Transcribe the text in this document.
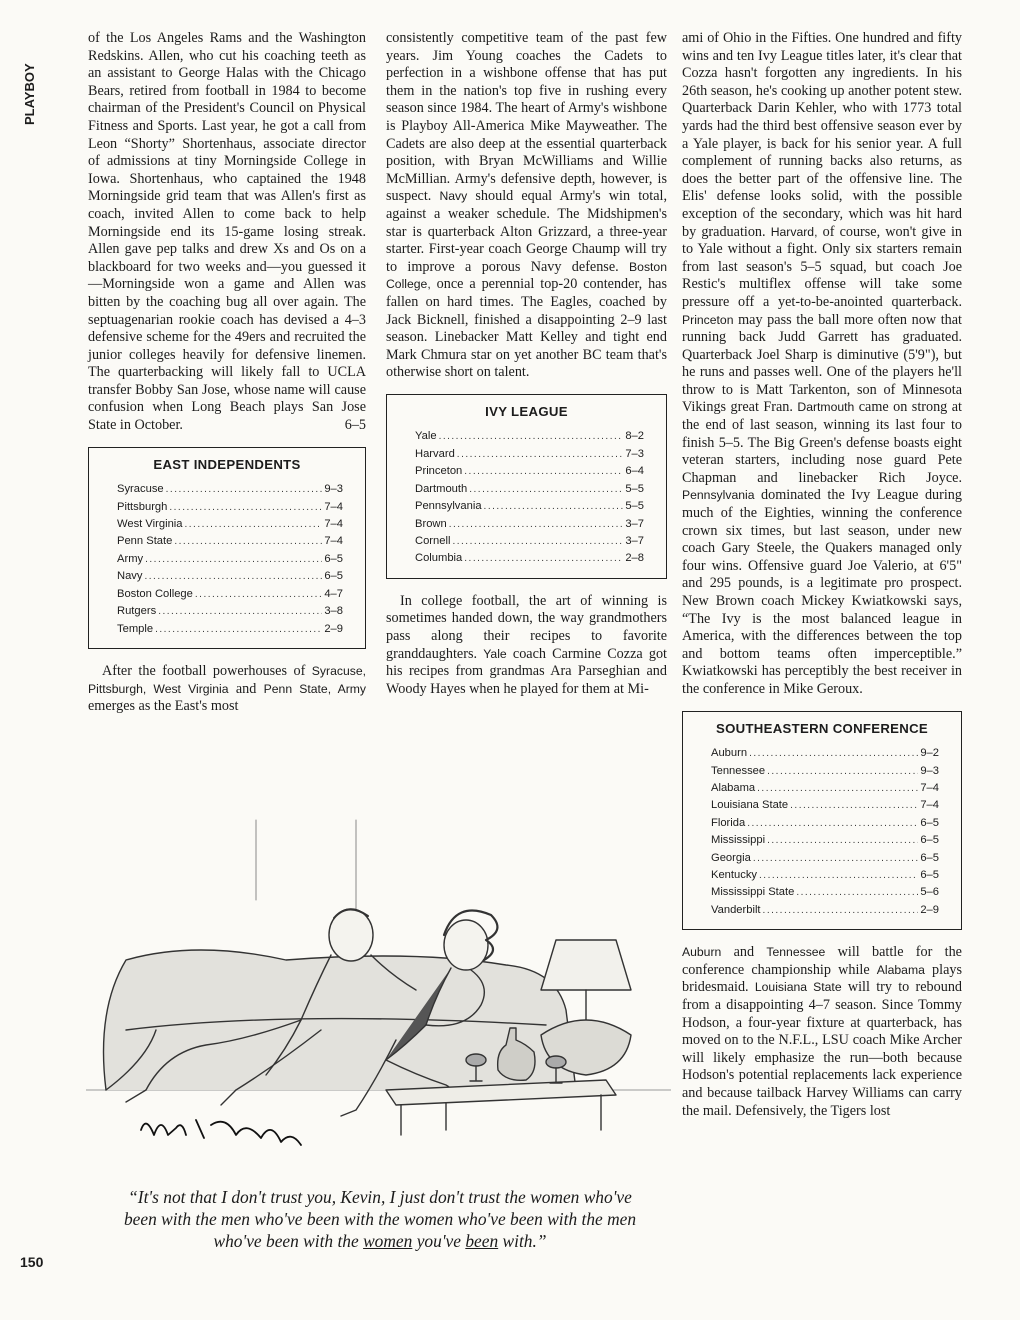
PLAYBOY

of the Los Angeles Rams and the Washington Redskins. Allen, who cut his coaching teeth as an assistant to George Halas with the Chicago Bears, retired from football in 1984 to become chairman of the President's Council on Physical Fitness and Sports. Last year, he got a call from Leon “Shorty” Shortenhaus, associate director of admissions at tiny Morningside College in Iowa. Shortenhaus, who captained the 1948 Morningside grid team that was Allen's first as coach, invited Allen to come back to help Morningside end its 15-game losing streak. Allen gave pep talks and drew Xs and Os on a blackboard for two weeks and—you guessed it—Morningside won a game and Allen was bitten by the coaching bug all over again. The septuagenarian rookie coach has devised a 4–3 defensive scheme for the 49ers and recruited the junior colleges heavily for defensive linemen. The quarterbacking will likely fall to UCLA transfer Bobby San Jose, whose name will cause confusion when Long Beach plays San Jose State in October.	6–5

EAST INDEPENDENTS
Syracuse .....	9–3
Pittsburgh .....	7–4
West Virginia .....	7–4
Penn State .....	7–4
Army .....	6–5
Navy .....	6–5
Boston College .....	4–7
Rutgers .....	3–8
Temple .....	2–9

After the football powerhouses of Syracuse, Pittsburgh, West Virginia and Penn State, Army emerges as the East's most

consistently competitive team of the past few years. Jim Young coaches the Cadets to perfection in a wishbone offense that has put them in the nation's top five in rushing every season since 1984. The heart of Army's wishbone is Playboy All-America Mike Mayweather. The Cadets are also deep at the essential quarterback position, with Bryan McWilliams and Willie McMillian. Army's defensive depth, however, is suspect. Navy should equal Army's win total, against a weaker schedule. The Midshipmen's star is quarterback Alton Grizzard, a three-year starter. First-year coach George Chaump will try to improve a porous Navy defense. Boston College, once a perennial top-20 contender, has fallen on hard times. The Eagles, coached by Jack Bicknell, finished a disappointing 2–9 last season. Linebacker Matt Kelley and tight end Mark Chmura star on yet another BC team that's otherwise short on talent.

IVY LEAGUE
Yale .....	8–2
Harvard .....	7–3
Princeton .....	6–4
Dartmouth .....	5–5
Pennsylvania .....	5–5
Brown .....	3–7
Cornell .....	3–7
Columbia .....	2–8

In college football, the art of winning is sometimes handed down, the way grandmothers pass along their recipes to favorite granddaughters. Yale coach Carmine Cozza got his recipes from grandmas Ara Parseghian and Woody Hayes when he played for them at Mi-

ami of Ohio in the Fifties. One hundred and fifty wins and ten Ivy League titles later, it's clear that Cozza hasn't forgotten any ingredients. In his 26th season, he's cooking up another potent stew. Quarterback Darin Kehler, who with 1773 total yards had the third best offensive season ever by a Yale player, is back for his senior year. A full complement of running backs also returns, as does the better part of the offensive line. The Elis' defense looks solid, with the possible exception of the secondary, which was hit hard by graduation. Harvard, of course, won't give in to Yale without a fight. Only six starters remain from last season's 5–5 squad, but coach Joe Restic's multiflex offense will take some pressure off a yet-to-be-anointed quarterback. Princeton may pass the ball more often now that running back Judd Garrett has graduated. Quarterback Joel Sharp is diminutive (5'9"), but he runs and passes well. One of the players he'll throw to is Matt Tarkenton, son of Minnesota Vikings great Fran. Dartmouth came on strong at the end of last season, winning its last four to finish 5–5. The Big Green's defense boasts eight veteran starters, including nose guard Pete Chapman and linebacker Rich Joyce. Pennsylvania dominated the Ivy League during much of the Eighties, winning the conference crown six times, but last season, under new coach Gary Steele, the Quakers managed only four wins. Offensive guard Joe Valerio, at 6'5" and 295 pounds, is a legitimate pro prospect. New Brown coach Mickey Kwiatkowski says, “The Ivy is the most balanced league in America, with the differences between the top and bottom teams often imperceptible.” Kwiatkowski has perceptibly the best receiver in the conference in Mike Geroux.

SOUTHEASTERN CONFERENCE
Auburn .....	9–2
Tennessee .....	9–3
Alabama .....	7–4
Louisiana State .....	7–4
Florida .....	6–5
Mississippi .....	6–5
Georgia .....	6–5
Kentucky .....	6–5
Mississippi State .....	5–6
Vanderbilt .....	2–9

Auburn and Tennessee will battle for the conference championship while Alabama plays bridesmaid. Louisiana State will try to rebound from a disappointing 4–7 season. Since Tommy Hodson, a four-year fixture at quarterback, has moved on to the N.F.L., LSU coach Mike Archer will likely emphasize the run—both because Hodson's potential replacements lack experience and because tailback Harvey Williams can carry the mail. Defensively, the Tigers lost

“It's not that I don't trust you, Kevin, I just don't trust the women who've been with the men who've been with the women who've been with the men who've been with the women you've been with.”
150
